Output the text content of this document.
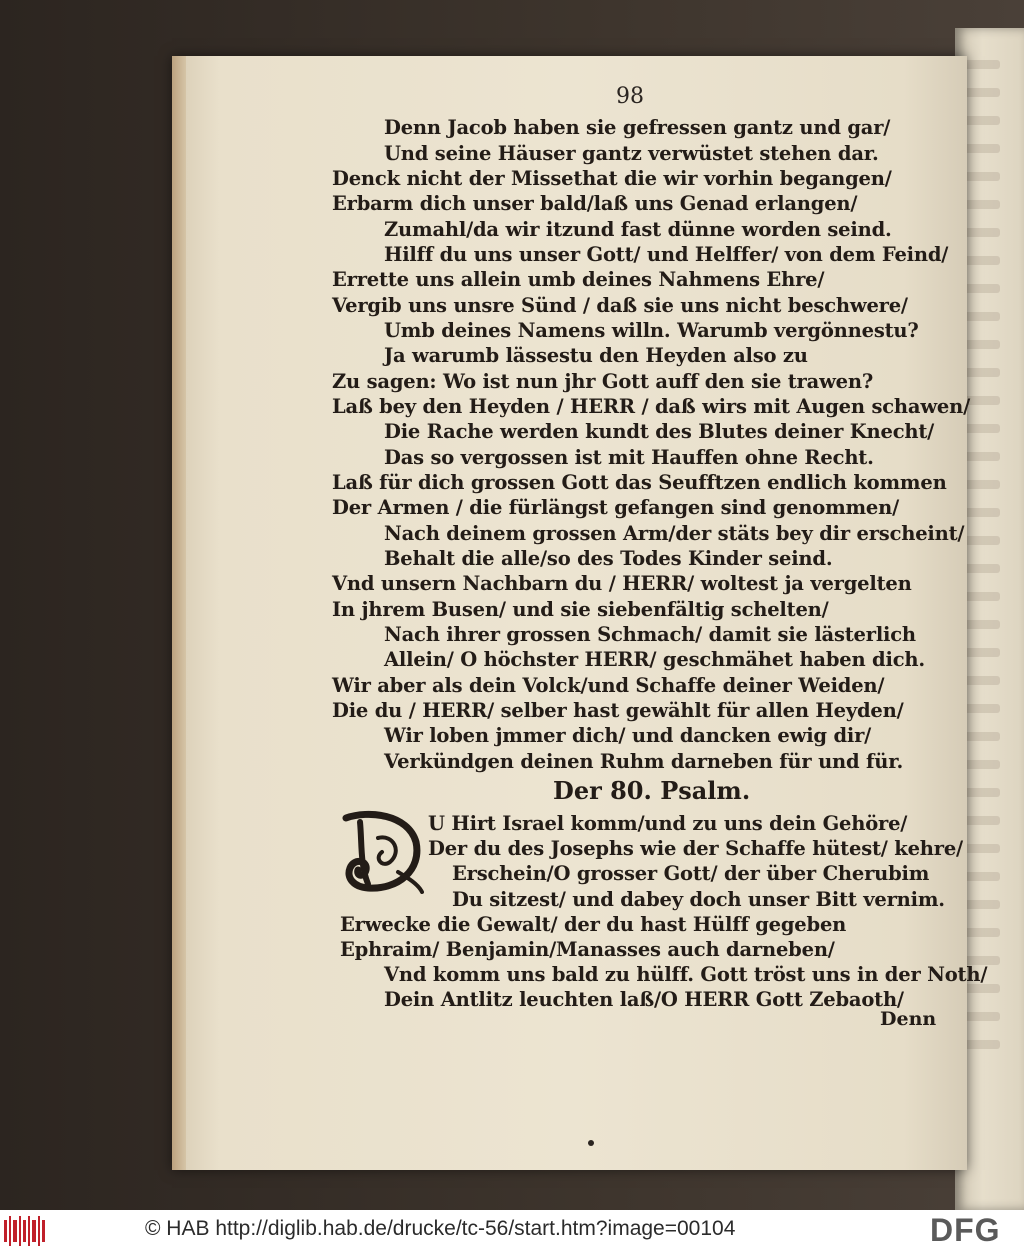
98
Denn Jacob haben sie gefressen gantz und gar/
Und seine Häuser gantz verwüstet stehen dar.
Denck nicht der Missethat die wir vorhin begangen/
Erbarm dich unser bald/laß uns Genad erlangen/
Zumahl/da wir itzund fast dünne worden seind.
Hilff du uns unser Gott/ und Helffer/ von dem Feind/
Errette uns allein umb deines Nahmens Ehre/
Vergib uns unsre Sünd / daß sie uns nicht beschwere/
Umb deines Namens willn. Warumb vergönnestu?
Ja warumb lässestu den Heyden also zu
Zu sagen: Wo ist nun jhr Gott auff den sie trawen?
Laß bey den Heyden / HERR / daß wirs mit Augen schawen/
Die Rache werden kundt des Blutes deiner Knecht/
Das so vergossen ist mit Hauffen ohne Recht.
Laß für dich grossen Gott das Seufftzen endlich kommen
Der Armen / die fürlängst gefangen sind genommen/
Nach deinem grossen Arm/der stäts bey dir erscheint/
Behalt die alle/so des Todes Kinder seind.
Vnd unsern Nachbarn du / HERR/ woltest ja vergelten
In jhrem Busen/ und sie siebenfältig schelten/
Nach ihrer grossen Schmach/ damit sie lästerlich
Allein/ O höchster HERR/ geschmähet haben dich.
Wir aber als dein Volck/und Schaffe deiner Weiden/
Die du / HERR/ selber hast gewählt für allen Heyden/
Wir loben jmmer dich/ und dancken ewig dir/
Verkündgen deinen Ruhm darneben für und für.
Der 80. Psalm.
U Hirt Israel komm/und zu uns dein Gehöre/
Der du des Josephs wie der Schaffe hütest/ kehre/
Erschein/O grosser Gott/ der über Cherubim
Du sitzest/ und dabey doch unser Bitt vernim.
Erwecke die Gewalt/ der du hast Hülff gegeben
Ephraim/ Benjamin/Manasses auch darneben/
Vnd komm uns bald zu hülff. Gott tröst uns in der Noth/
Dein Antlitz leuchten laß/O HERR Gott Zebaoth/
Denn
© HAB http://diglib.hab.de/drucke/tc-56/start.htm?image=00104	DFG
